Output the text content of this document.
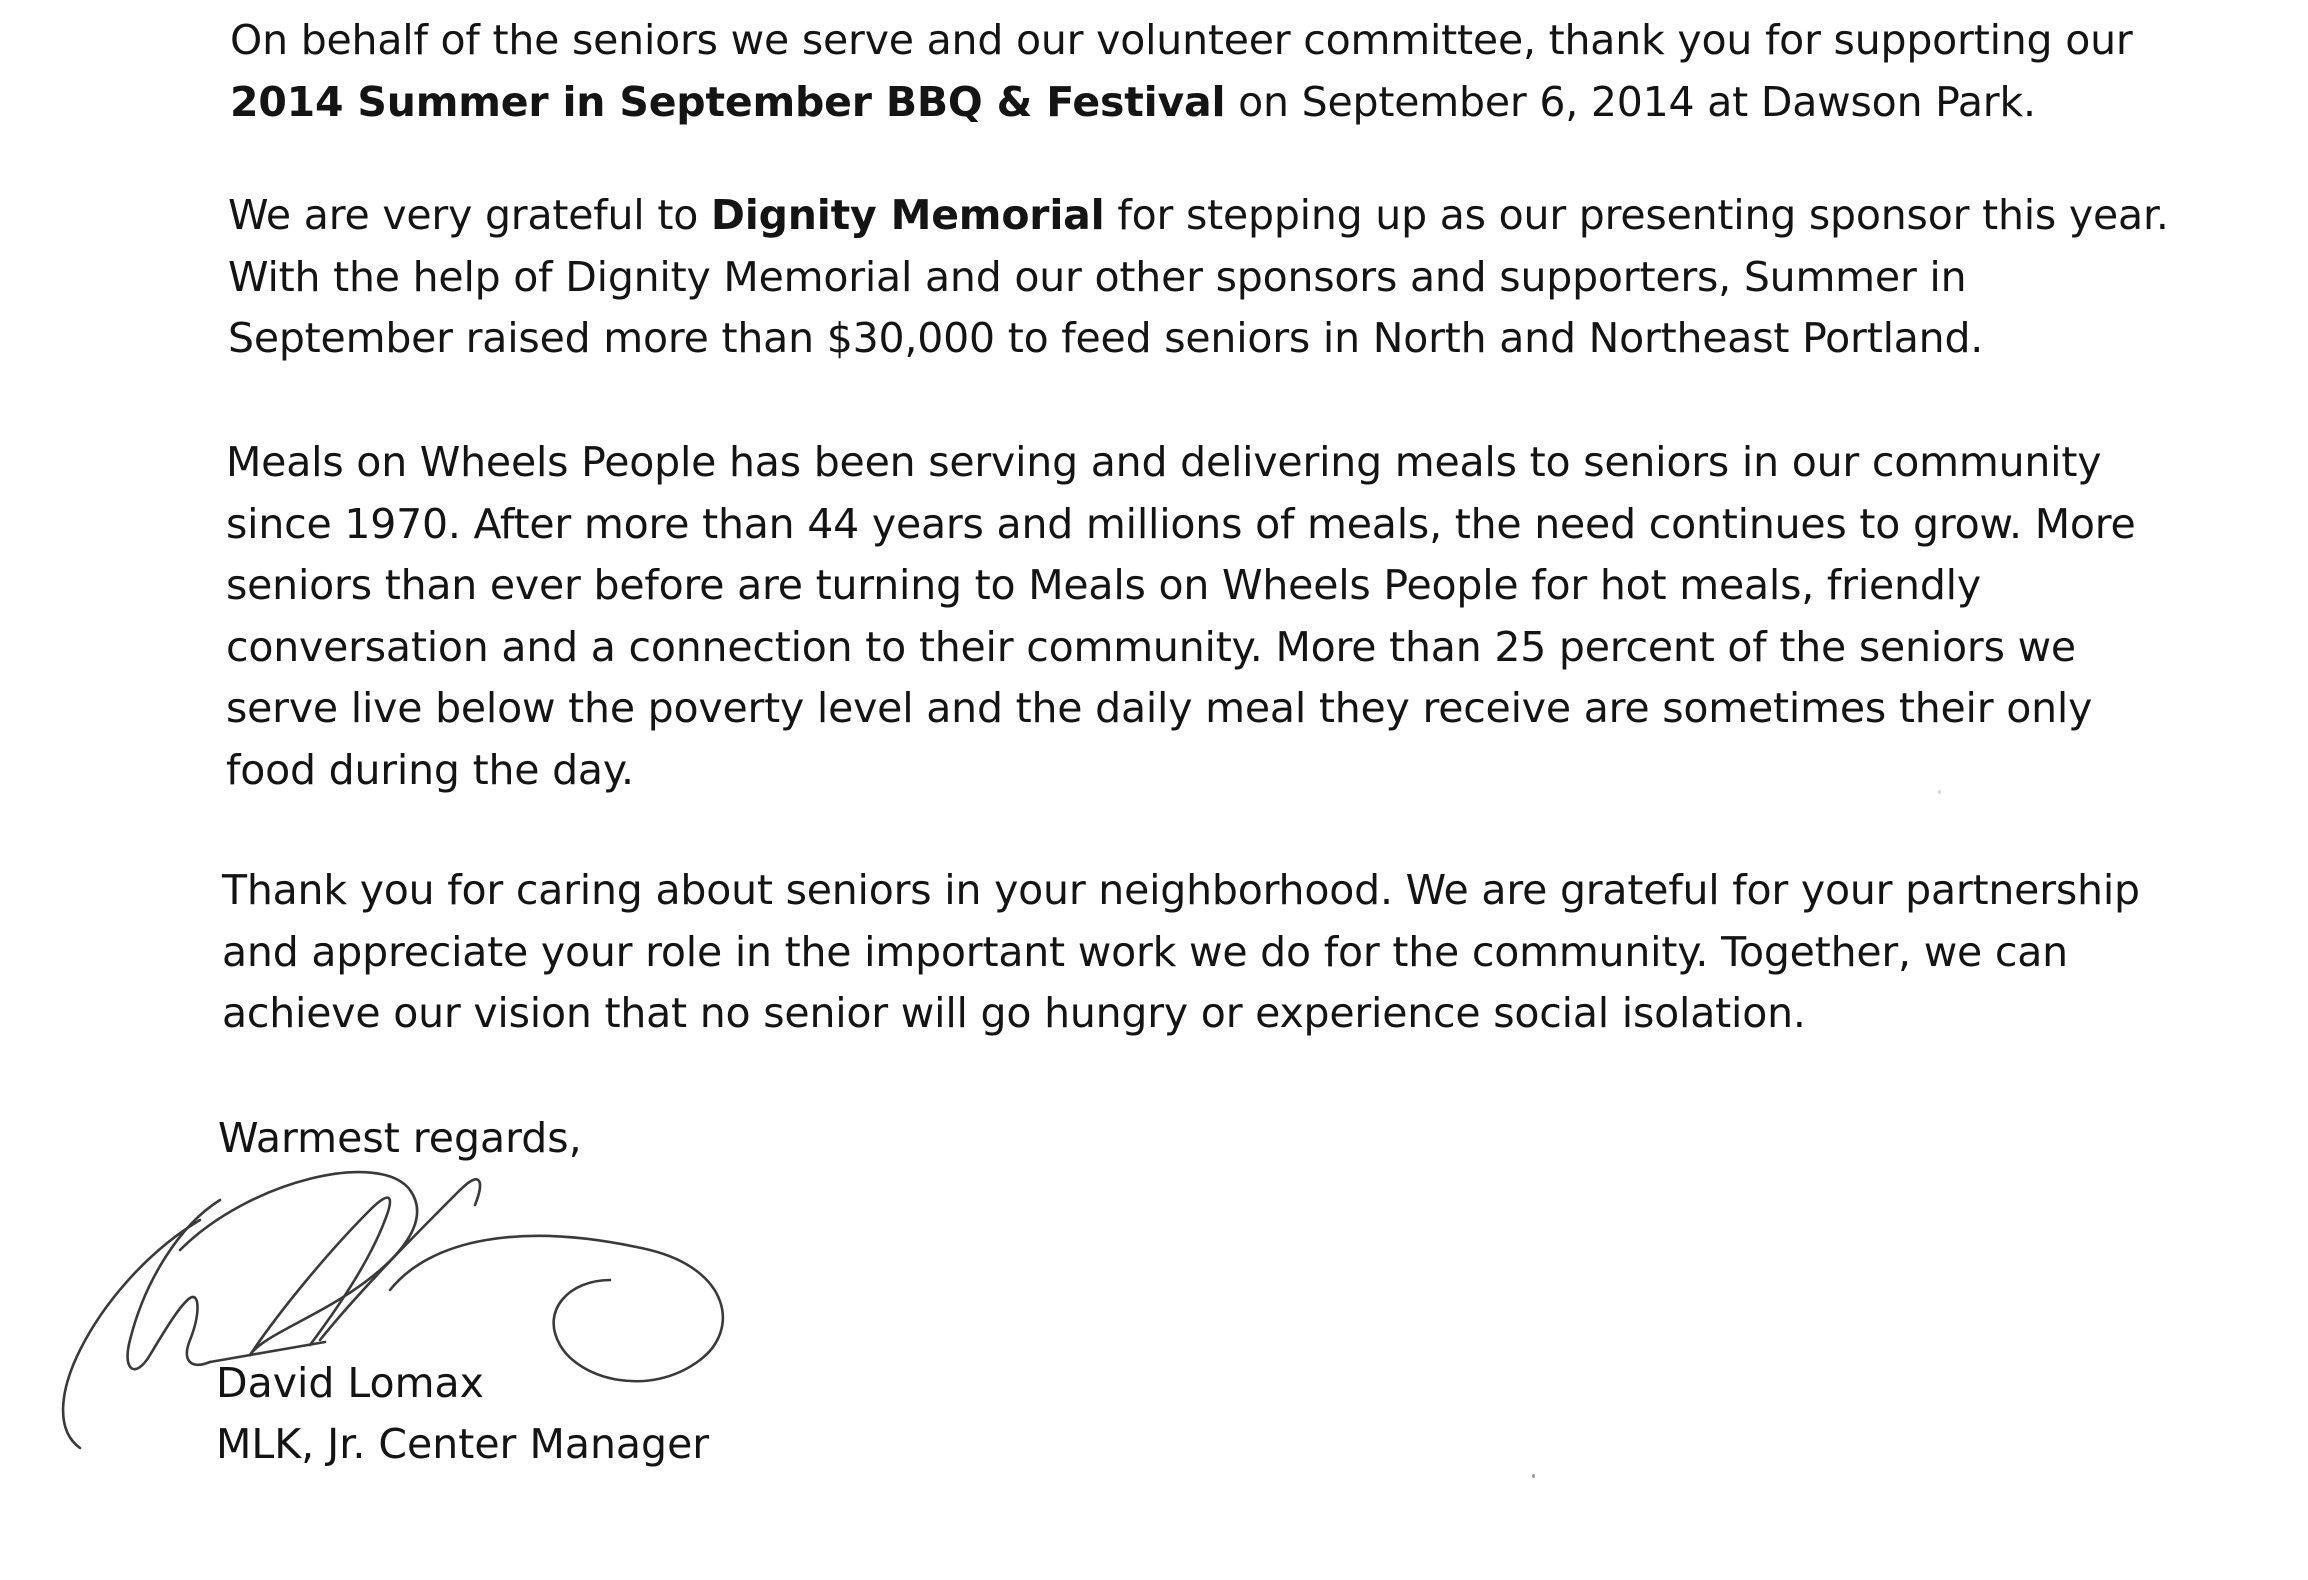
On behalf of the seniors we serve and our volunteer committee, thank you for supporting our
2014 Summer in September BBQ & Festival on September 6, 2014 at Dawson Park.

We are very grateful to Dignity Memorial for stepping up as our presenting sponsor this year.
With the help of Dignity Memorial and our other sponsors and supporters, Summer in
September raised more than $30,000 to feed seniors in North and Northeast Portland.

Meals on Wheels People has been serving and delivering meals to seniors in our community
since 1970. After more than 44 years and millions of meals, the need continues to grow. More
seniors than ever before are turning to Meals on Wheels People for hot meals, friendly
conversation and a connection to their community. More than 25 percent of the seniors we
serve live below the poverty level and the daily meal they receive are sometimes their only
food during the day.

Thank you for caring about seniors in your neighborhood. We are grateful for your partnership
and appreciate your role in the important work we do for the community. Together, we can
achieve our vision that no senior will go hungry or experience social isolation.

Warmest regards,

David Lomax

MLK, Jr. Center Manager
